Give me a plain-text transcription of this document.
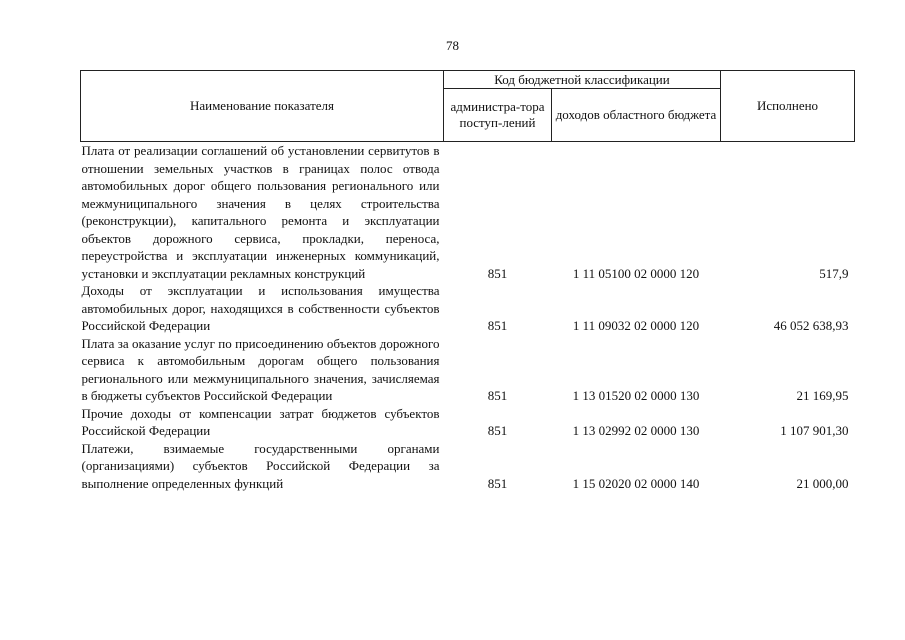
78
Наименование показателя	Код бюджетной классификации		Исполнено
	администра-тора поступ-лений	доходов областного бюджета	
Плата от реализации соглашений об установлении сервитутов в отношении земельных участков в границах полос отвода автомобильных дорог общего пользования регионального или межмуниципального значения в целях строительства (реконструкции), капитального ремонта и эксплуатации объектов дорожного сервиса, прокладки, переноса, переустройства и эксплуатации инженерных коммуникаций, установки и эксплуатации рекламных конструкций	851	1 11 05100 02 0000 120	517,9
Доходы от эксплуатации и использования имущества автомобильных дорог, находящихся в собственности субъектов Российской Федерации	851	1 11 09032 02 0000 120	46 052 638,93
Плата за оказание услуг по присоединению объектов дорожного сервиса к автомобильным дорогам общего пользования регионального или межмуниципального значения, зачисляемая в бюджеты субъектов Российской Федерации	851	1 13 01520 02 0000 130	21 169,95
Прочие доходы от компенсации затрат бюджетов субъектов Российской Федерации	851	1 13 02992 02 0000 130	1 107 901,30
Платежи, взимаемые государственными органами (организациями) субъектов Российской Федерации за выполнение определенных функций	851	1 15 02020 02 0000 140	21 000,00
